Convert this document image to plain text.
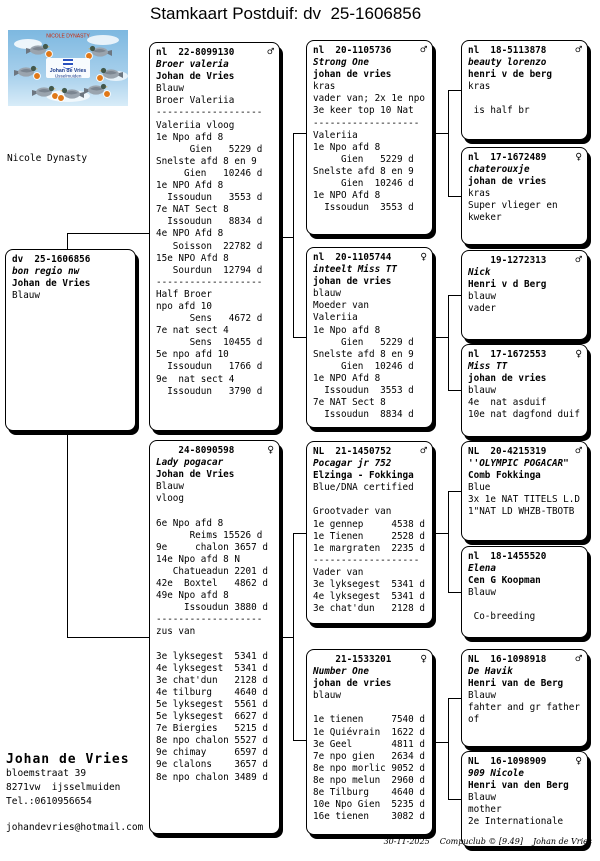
Stamkaart Postduif: dv  25-1606856
NICOLE DYNASTY
Johan de Vries
IJsselmuiden
Nicole Dynasty
dv  25-1606856
bon regio nw
Johan de Vries
Blauw
nl  22-8099130	♂
Broer valeria
Johan de Vries
Blauw
Broer Valeriia
-------------------
Valeriia vloog
1e Npo afd 8
Gien   5229 d
Snelste afd 8 en 9
Gien   10246 d
1e NPO Afd 8
Issoudun   3553 d
7e NAT Sect 8
Issoudun   8834 d
4e NPO Afd 8
Soisson  22782 d
15e NPO Afd 8
Sourdun  12794 d
-------------------
Half Broer
npo afd 10
Sens   4672 d
7e nat sect 4
Sens  10455 d
5e npo afd 10
Issoudun   1766 d
9e  nat sect 4
Issoudun   3790 d
24-8090598	♀
Lady pogacar
Johan de Vries
Blauw
vloog

6e Npo afd 8
Reims 15526 d
9e     chalon 3657 d
14e Npo afd 8 N
Chatueadun 2201 d
42e  Boxtel   4862 d
49e Npo afd 8
Issoudun 3880 d
-------------------
zus van

3e lyksegest  5341 d
4e lyksegest  5341 d
3e chat'dun   2128 d
4e tilburg    4640 d
5e lyksegest  5561 d
5e lyksegest  6627 d
7e Biergies   5215 d
8e npo chalon 5527 d
9e chimay     6597 d
9e clalons    3657 d
8e npo chalon 3489 d
nl  20-1105736	♂
Strong One
johan de vries
kras
vader van; 2x 1e npo
3e keer top 10 Nat
-------------------
Valeriia
1e Npo afd 8
Gien   5229 d
Snelste afd 8 en 9
Gien  10246 d
1e NPO Afd 8
Issoudun  3553 d
nl  20-1105744	♀
inteelt Miss TT
johan de vries
blauw
Moeder van
Valeriia
1e Npo afd 8
Gien   5229 d
Snelste afd 8 en 9
Gien  10246 d
1e NPO Afd 8
Issoudun  3553 d
7e NAT Sect 8
Issoudun  8834 d
NL  21-1450752	♂
Pocagar jr 752
Elzinga - Fokkinga
Blue/DNA certified

Grootvader van
1e gennep     4538 d
1e Tienen     2528 d
1e margraten  2235 d
-------------------
Vader van
3e lyksegest  5341 d
4e lyksegest  5341 d
3e chat'dun   2128 d
21-1533201	♀
Number One
johan de vries
blauw

1e tienen     7540 d
1e Quiévrain  1622 d
3e Geel       4811 d
7e npo gien   2634 d
8e npo morlic 9052 d
8e npo melun  2960 d
8e Tilburg    4640 d
10e Npo Gien  5235 d
16e tienen    3082 d
nl  18-5113878	♂
beauty lorenzo
henri v de berg
kras

is half br
nl  17-1672489	♀
chaterouxje
johan de vries
kras
Super vlieger en
kweker
19-1272313	♂
Nick
Henri v d Berg
blauw
vader
nl  17-1672553	♀
Miss TT
johan de vries
blauw
4e  nat asduif
10e nat dagfond duif
NL  20-4215319	♂
''OLYMPIC POGACAR"
Comb Fokkinga
Blue
3x 1e NAT TITELS L.D
1"NAT LD WHZB-TBOTB
nl  18-1455520
Elena
Cen G Koopman
Blauw

Co-breeding
NL  16-1098918	♂
De Havik
Henri van de Berg
Blauw
fahter and gr father
of
NL  16-1098909	♀
909 Nicole
Henri van den Berg
Blauw
mother
2e Internationale
Johan de Vries
bloemstraat 39
8271vw  ijsselmuiden
Tel.:0610956654
johandevries@hotmail.com
30-11-2025 Compuclub © [9.49] Johan de Vries
